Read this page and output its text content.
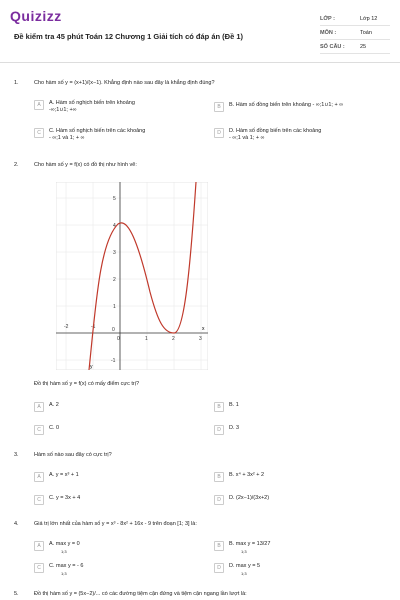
Quizizz
Đề kiểm tra 45 phút Toán 12 Chương 1 Giải tích có đáp án (Đề 1)
LỚP :	Lớp 12
MÔN :	Toán
SỐ CÂU :	25
1.	Cho hàm số y = (x+1)/(x−1). Khẳng định nào sau đây là khẳng định đúng?
A	A. Hàm số nghịch biến trên khoảng
-∞;1∪1; +∞	B	B. Hàm số đồng biến trên khoảng - ∞;1∪1; + ∞
C	C. Hàm số nghịch biến trên các khoảng
- ∞;1 và 1; + ∞
D	D. Hàm số đồng biến trên các khoảng
- ∞;1 và 1; + ∞
2.	Cho hàm số y = f(x) có đồ thị như hình vẽ:
-2	-1
0	1	2	3
5
4
3
2
1
0
-1
x
y
Đồ thị hàm số y = f(x) có mấy điểm cực trị?
A	A. 2	B	B. 1
C	C. 0	D	D. 3
3.	Hàm số nào sau đây có cực trị?
A	A. y = x³ + 1	B	B. x⁴ + 3x² + 2
C	C. y = 3x + 4	D	D. (2x−1)/(3x+2)
4.	Giá trị lớn nhất của hàm số y = x³ - 8x² + 16x - 9 trên đoạn [1; 3] là:
A	A. max y = 0
1;3
B	B. max y = 13/27
1;3
C	C. max y = - 6
1;3
D	D. max y = 5
1;3
5.	Đồ thị hàm số y = (5x−2)/... có các đường tiệm cận đứng và tiệm cận ngang lần lượt là:
